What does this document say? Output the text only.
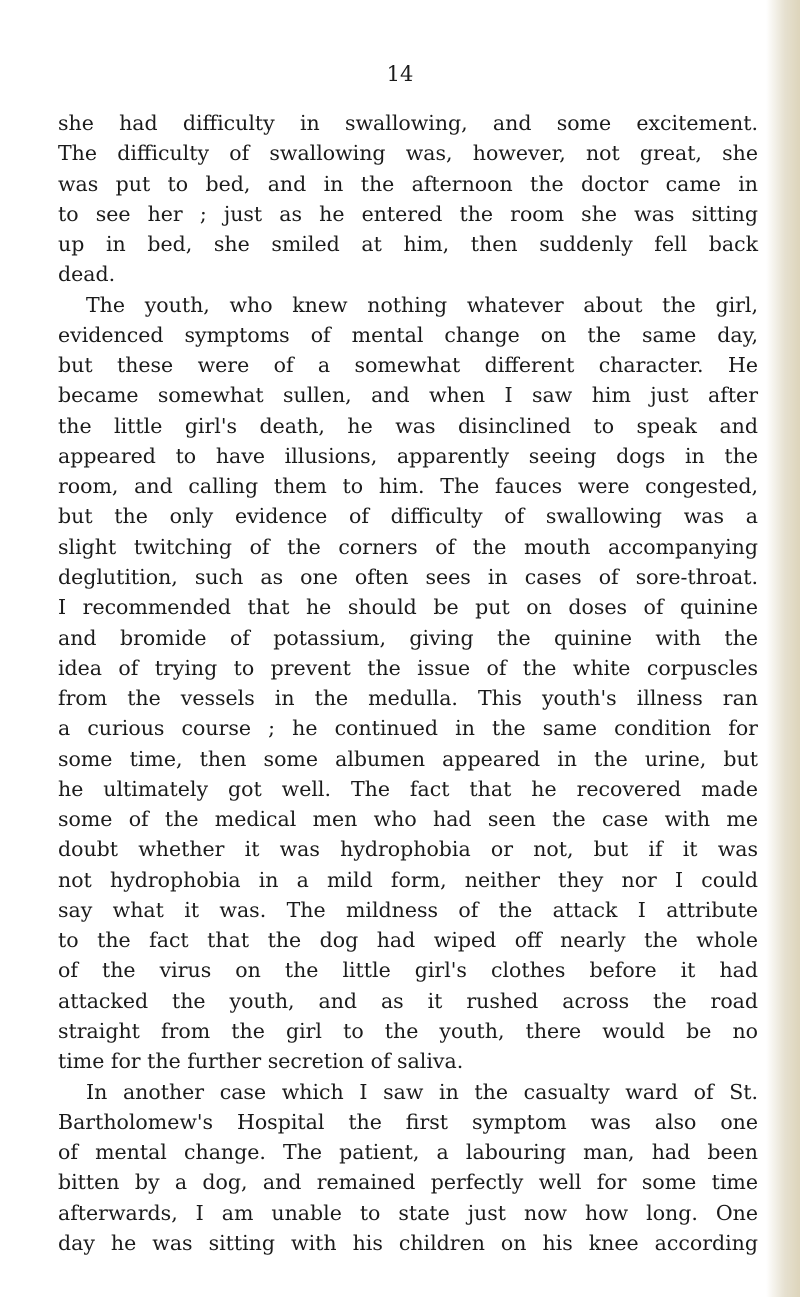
14
she had difficulty in swallowing, and some excitement.
The difficulty of swallowing was, however, not great, she
was put to bed, and in the afternoon the doctor came in
to see her ; just as he entered the room she was sitting
up in bed, she smiled at him, then suddenly fell back
dead.
The youth, who knew nothing whatever about the girl,
evidenced symptoms of mental change on the same day,
but these were of a somewhat different character. He
became somewhat sullen, and when I saw him just after
the little girl's death, he was disinclined to speak and
appeared to have illusions, apparently seeing dogs in the
room, and calling them to him. The fauces were congested,
but the only evidence of difficulty of swallowing was a
slight twitching of the corners of the mouth accompanying
deglutition, such as one often sees in cases of sore-throat.
I recommended that he should be put on doses of quinine
and bromide of potassium, giving the quinine with the
idea of trying to prevent the issue of the white corpuscles
from the vessels in the medulla. This youth's illness ran
a curious course ; he continued in the same condition for
some time, then some albumen appeared in the urine, but
he ultimately got well. The fact that he recovered made
some of the medical men who had seen the case with me
doubt whether it was hydrophobia or not, but if it was
not hydrophobia in a mild form, neither they nor I could
say what it was. The mildness of the attack I attribute
to the fact that the dog had wiped off nearly the whole
of the virus on the little girl's clothes before it had
attacked the youth, and as it rushed across the road
straight from the girl to the youth, there would be no
time for the further secretion of saliva.
In another case which I saw in the casualty ward of St.
Bartholomew's Hospital the first symptom was also one
of mental change. The patient, a labouring man, had been
bitten by a dog, and remained perfectly well for some time
afterwards, I am unable to state just now how long. One
day he was sitting with his children on his knee according
